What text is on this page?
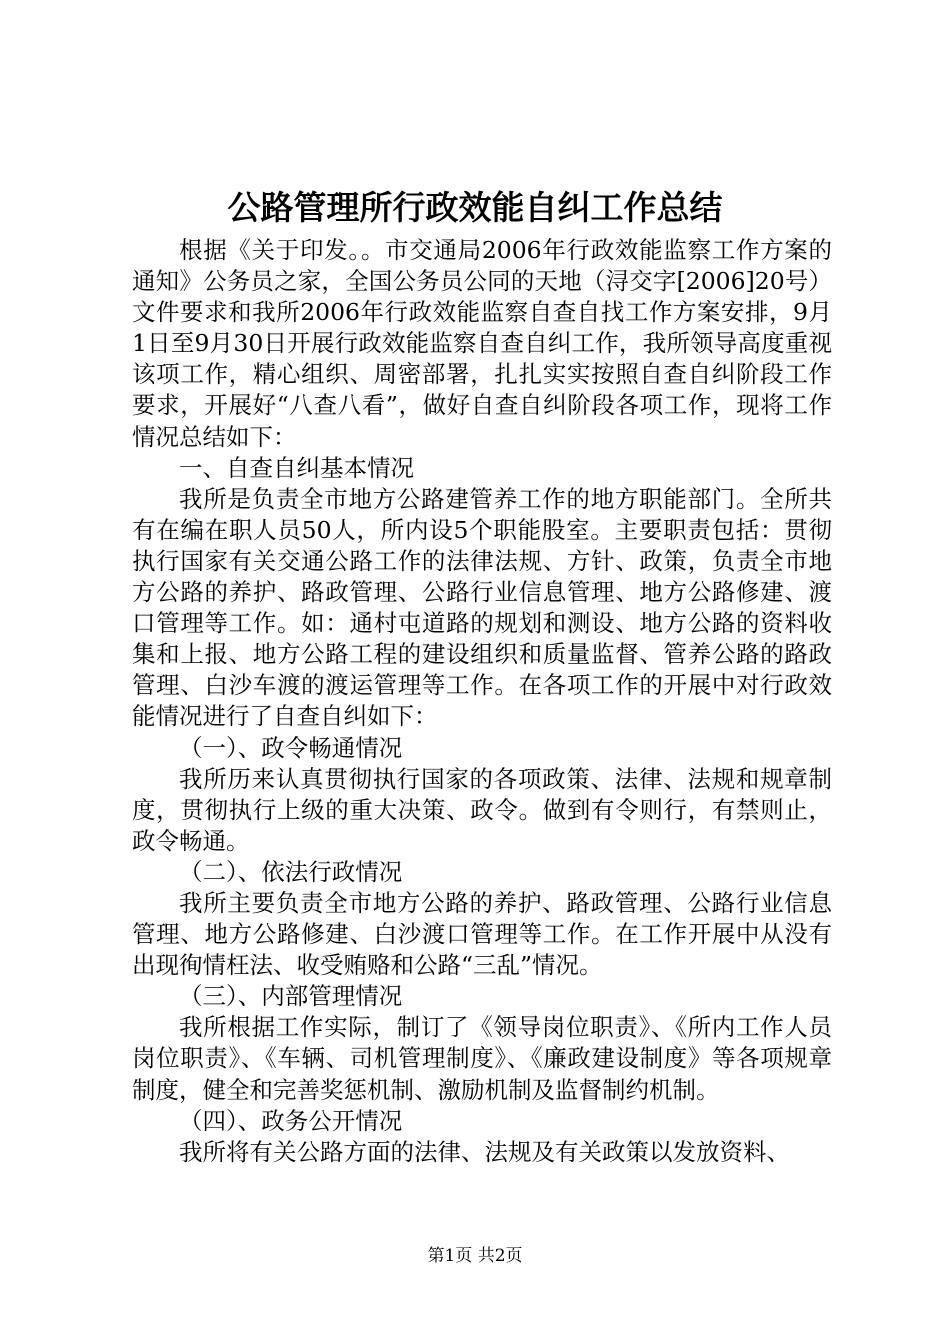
公路管理所行政效能自纠工作总结

根据《关于印发。。市交通局2006年行政效能监察工作方案的通知》公务员之家，全国公务员公同的天地（浔交字[2006]20号）文件要求和我所2006年行政效能监察自查自找工作方案安排，9月1日至9月30日开展行政效能监察自查自纠工作，我所领导高度重视该项工作，精心组织、周密部署，扎扎实实按照自查自纠阶段工作要求，开展好“八查八看”，做好自查自纠阶段各项工作，现将工作情况总结如下：

一、自查自纠基本情况

我所是负责全市地方公路建管养工作的地方职能部门。全所共有在编在职人员50人，所内设5个职能股室。主要职责包括：贯彻执行国家有关交通公路工作的法律法规、方针、政策，负责全市地方公路的养护、路政管理、公路行业信息管理、地方公路修建、渡口管理等工作。如：通村屯道路的规划和测设、地方公路的资料收集和上报、地方公路工程的建设组织和质量监督、管养公路的路政管理、白沙车渡的渡运管理等工作。在各项工作的开展中对行政效能情况进行了自查自纠如下：

（一）、政令畅通情况

我所历来认真贯彻执行国家的各项政策、法律、法规和规章制度，贯彻执行上级的重大决策、政令。做到有令则行，有禁则止，政令畅通。

（二）、依法行政情况

我所主要负责全市地方公路的养护、路政管理、公路行业信息管理、地方公路修建、白沙渡口管理等工作。在工作开展中从没有出现徇情枉法、收受贿赂和公路“三乱”情况。

（三）、内部管理情况

我所根据工作实际，制订了《领导岗位职责》、《所内工作人员岗位职责》、《车辆、司机管理制度》、《廉政建设制度》等各项规章制度，健全和完善奖惩机制、激励机制及监督制约机制。

（四）、政务公开情况

我所将有关公路方面的法律、法规及有关政策以发放资料、

第1页 共2页
